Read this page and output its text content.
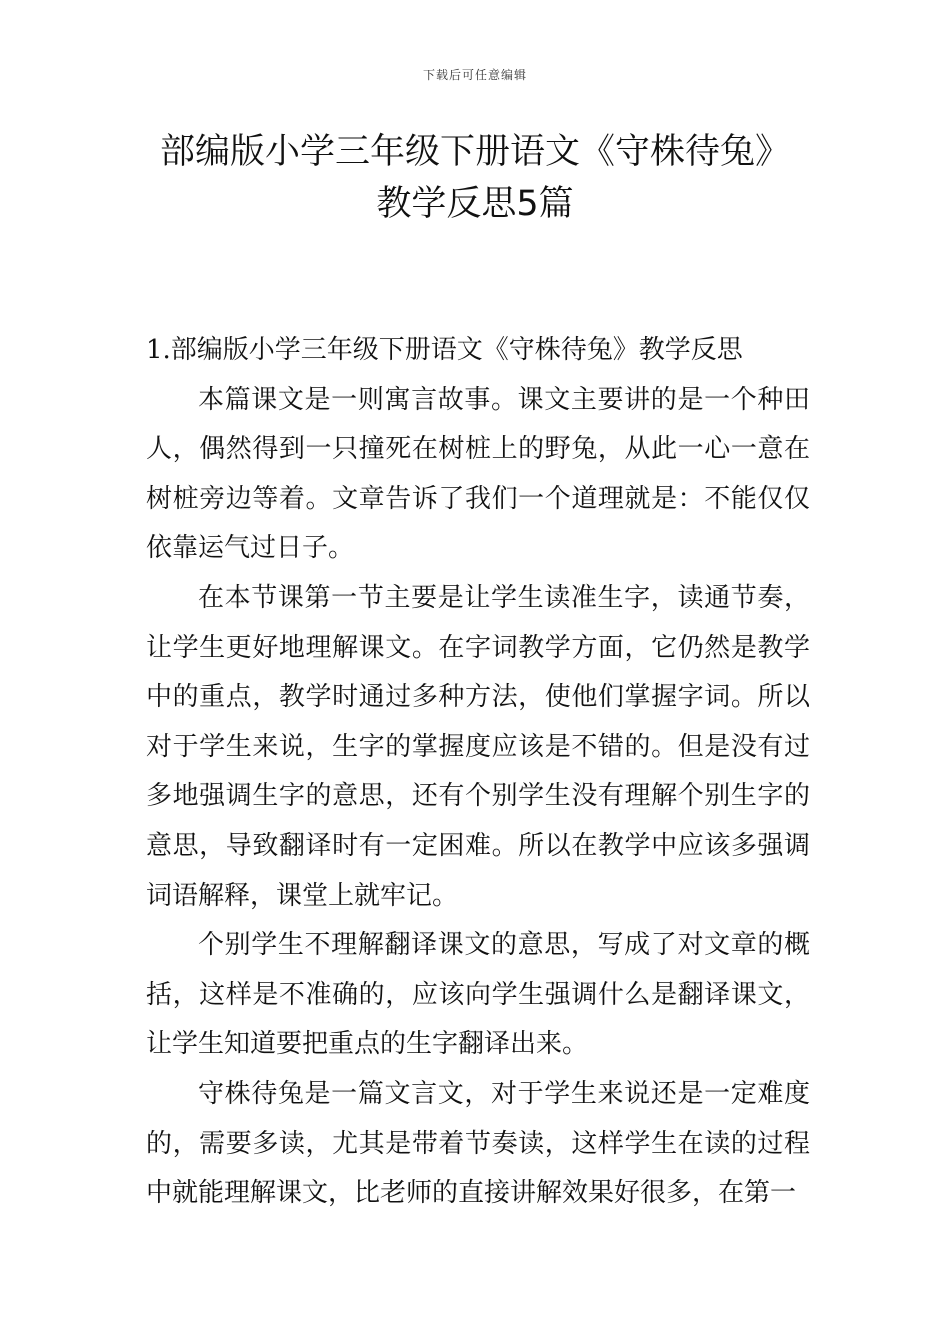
下载后可任意编辑
部编版小学三年级下册语文《守株待兔》
教学反思5篇

1.部编版小学三年级下册语文《守株待兔》教学反思

本篇课文是一则寓言故事。课文主要讲的是一个种田人，偶然得到一只撞死在树桩上的野兔，从此一心一意在树桩旁边等着。文章告诉了我们一个道理就是：不能仅仅依靠运气过日子。

在本节课第一节主要是让学生读准生字，读通节奏，让学生更好地理解课文。在字词教学方面，它仍然是教学中的重点，教学时通过多种方法，使他们掌握字词。所以对于学生来说，生字的掌握度应该是不错的。但是没有过多地强调生字的意思，还有个别学生没有理解个别生字的意思，导致翻译时有一定困难。所以在教学中应该多强调词语解释，课堂上就牢记。

个别学生不理解翻译课文的意思，写成了对文章的概括，这样是不准确的，应该向学生强调什么是翻译课文，让学生知道要把重点的生字翻译出来。

守株待兔是一篇文言文，对于学生来说还是一定难度的，需要多读，尤其是带着节奏读，这样学生在读的过程中就能理解课文，比老师的直接讲解效果好很多，在第一
